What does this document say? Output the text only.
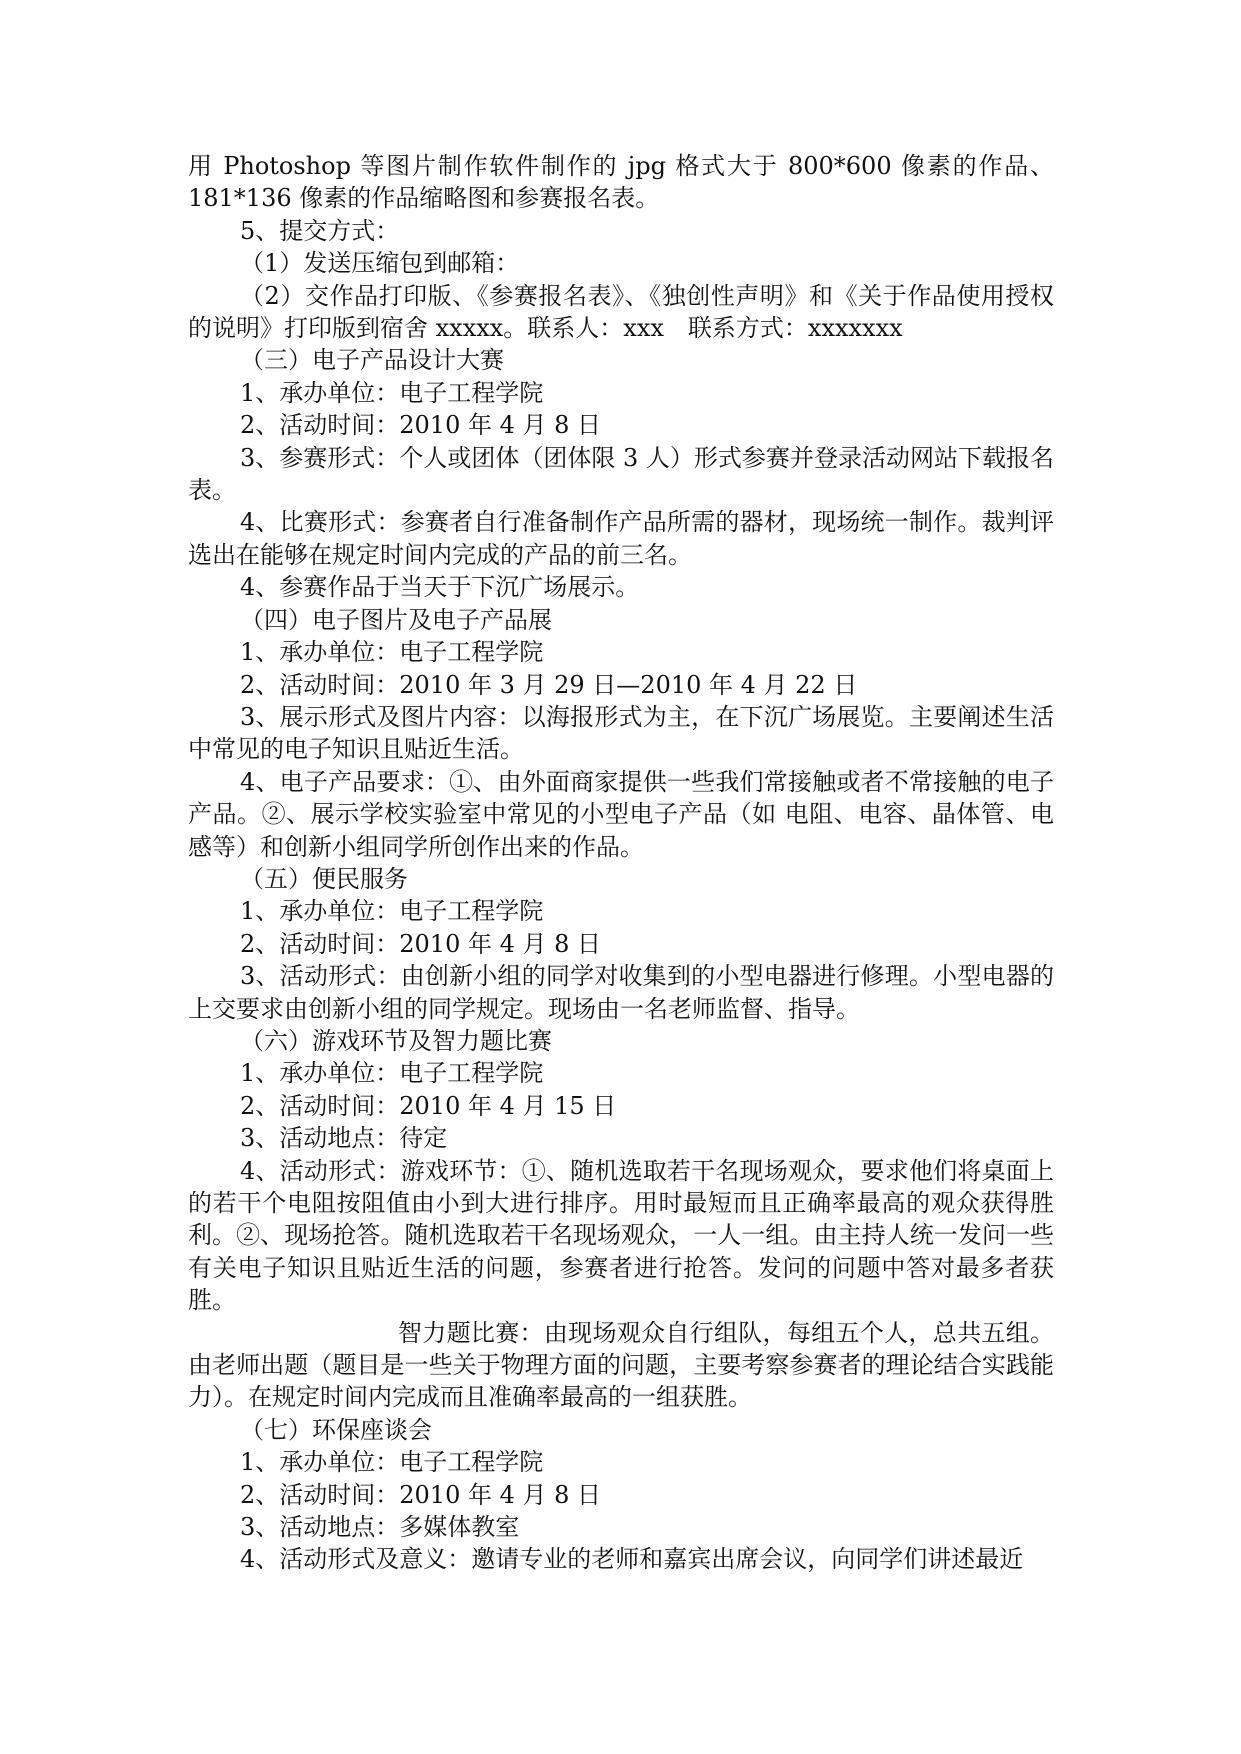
用 Photoshop 等图片制作软件制作的 jpg 格式大于 800*600 像素的作品、181*136 像素的作品缩略图和参赛报名表。

5、提交方式：

（1）发送压缩包到邮箱：

（2）交作品打印版、《参赛报名表》、《独创性声明》和《关于作品使用授权的说明》打印版到宿舍 xxxxx。联系人：xxx　联系方式：xxxxxxx

（三）电子产品设计大赛

1、承办单位：电子工程学院

2、活动时间：2010 年 4 月 8 日

3、参赛形式：个人或团体（团体限 3 人）形式参赛并登录活动网站下载报名表。

4、比赛形式：参赛者自行准备制作产品所需的器材，现场统一制作。裁判评选出在能够在规定时间内完成的产品的前三名。

4、参赛作品于当天于下沉广场展示。

（四）电子图片及电子产品展

1、承办单位：电子工程学院

2、活动时间：2010 年 3 月 29 日—2010 年 4 月 22 日

3、展示形式及图片内容：以海报形式为主，在下沉广场展览。主要阐述生活中常见的电子知识且贴近生活。

4、电子产品要求：①、由外面商家提供一些我们常接触或者不常接触的电子产品。②、展示学校实验室中常见的小型电子产品（如 电阻、电容、晶体管、电感等）和创新小组同学所创作出来的作品。

（五）便民服务

1、承办单位：电子工程学院

2、活动时间：2010 年 4 月 8 日

3、活动形式：由创新小组的同学对收集到的小型电器进行修理。小型电器的上交要求由创新小组的同学规定。现场由一名老师监督、指导。

（六）游戏环节及智力题比赛

1、承办单位：电子工程学院

2、活动时间：2010 年 4 月 15 日

3、活动地点：待定

4、活动形式：游戏环节：①、随机选取若干名现场观众，要求他们将桌面上的若干个电阻按阻值由小到大进行排序。用时最短而且正确率最高的观众获得胜利。②、现场抢答。随机选取若干名现场观众，一人一组。由主持人统一发问一些有关电子知识且贴近生活的问题，参赛者进行抢答。发问的问题中答对最多者获胜。

智力题比赛：由现场观众自行组队，每组五个人，总共五组。由老师出题（题目是一些关于物理方面的问题，主要考察参赛者的理论结合实践能力）。在规定时间内完成而且准确率最高的一组获胜。

（七）环保座谈会

1、承办单位：电子工程学院

2、活动时间：2010 年 4 月 8 日

3、活动地点：多媒体教室

4、活动形式及意义：邀请专业的老师和嘉宾出席会议，向同学们讲述最近
